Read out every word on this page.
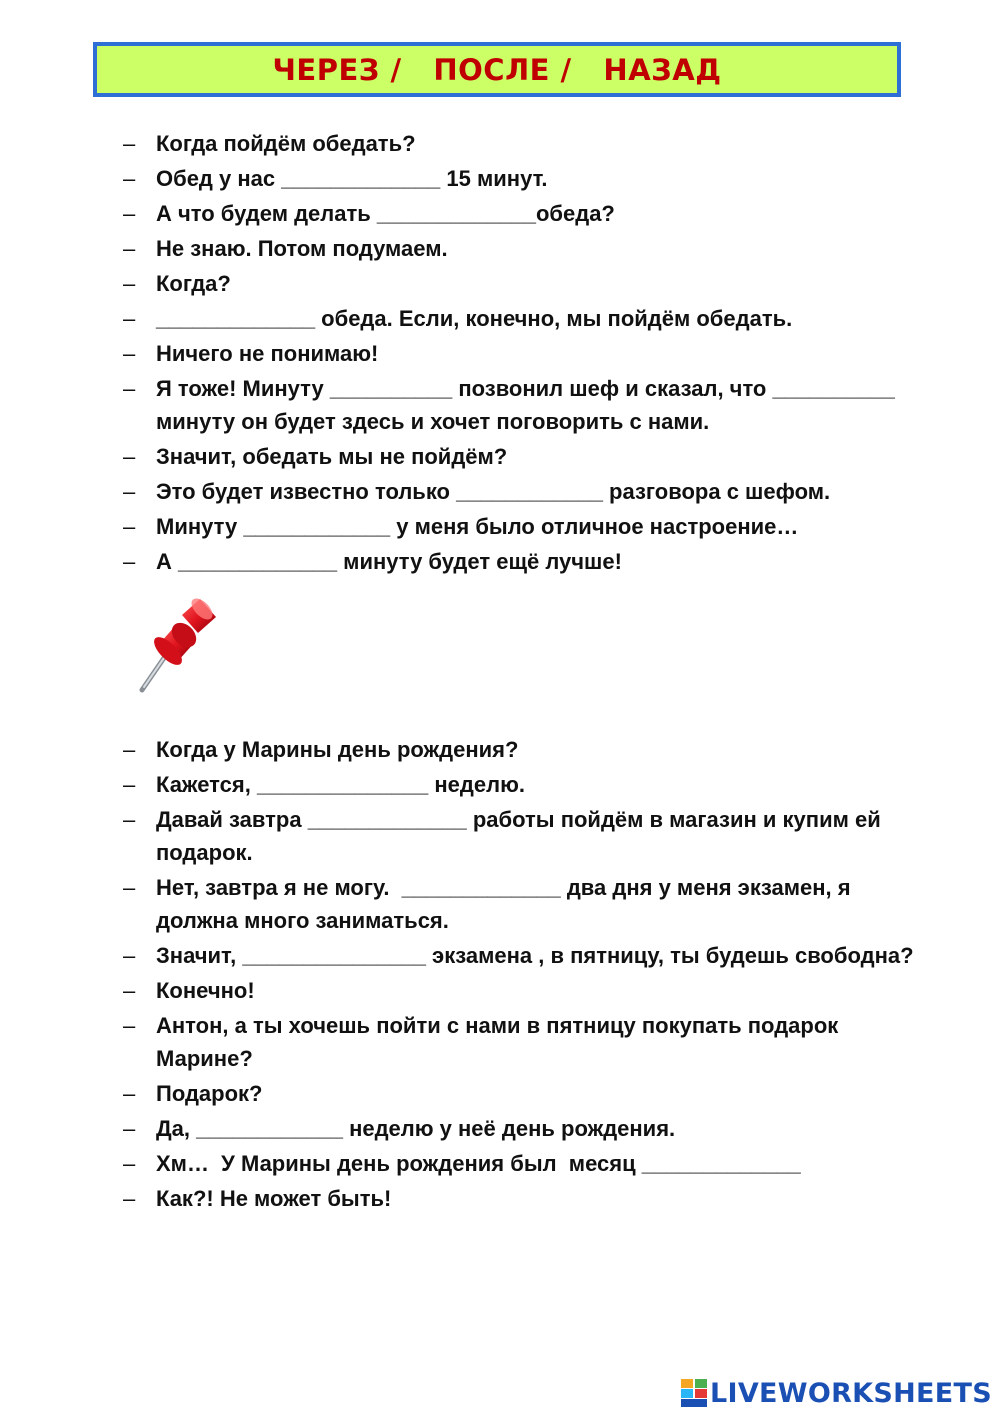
ЧЕРЕЗ /   ПОСЛЕ /   НАЗАД
– Когда пойдём обедать?
– Обед у нас _____________ 15 минут.
– А что будем делать _____________обеда?
– Не знаю. Потом подумаем.
– Когда?
– _____________ обеда. Если, конечно, мы пойдём обедать.
– Ничего не понимаю!
– Я тоже! Минуту __________ позвонил шеф и сказал, что __________ минуту он будет здесь и хочет поговорить с нами.
– Значит, обедать мы не пойдём?
– Это будет известно только ____________ разговора с шефом.
– Минуту ____________ у меня было отличное настроение…
– А _____________ минуту будет ещё лучше!
– Когда у Марины день рождения?
– Кажется, ______________ неделю.
– Давай завтра _____________ работы пойдём в магазин и купим ей подарок.
– Нет, завтра я не могу.  _____________ два дня у меня экзамен, я должна много заниматься.
– Значит, _______________ экзамена , в пятницу, ты будешь свободна?
– Конечно!
– Антон, а ты хочешь пойти с нами в пятницу покупать подарок Марине?
– Подарок?
– Да, ____________ неделю у неё день рождения.
– Хм…  У Марины день рождения был  месяц _____________
– Как?! Не может быть!
LIVEWORKSHEETS
